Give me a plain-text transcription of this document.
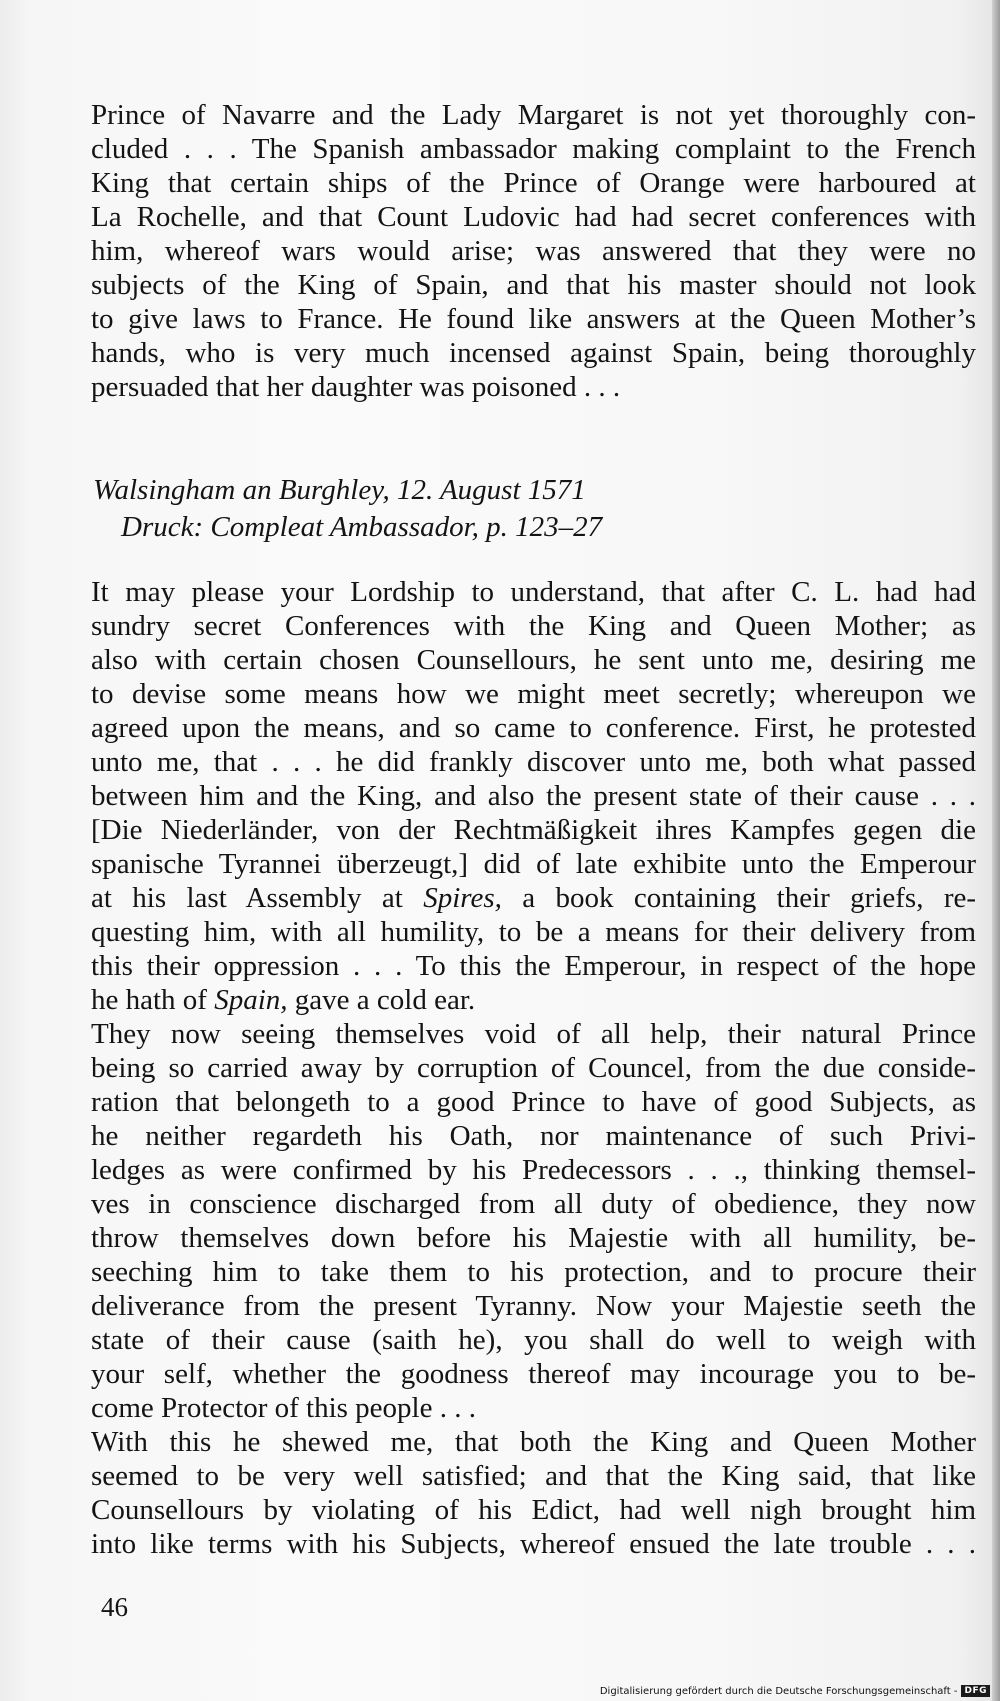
Prince of Navarre and the Lady Margaret is not yet thoroughly con-
cluded . . . The Spanish ambassador making complaint to the French
King that certain ships of the Prince of Orange were harboured at
La Rochelle, and that Count Ludovic had had secret conferences with
him, whereof wars would arise; was answered that they were no
subjects of the King of Spain, and that his master should not look
to give laws to France. He found like answers at the Queen Mother’s
hands, who is very much incensed against Spain, being thoroughly
persuaded that her daughter was poisoned . . .
Walsingham an Burghley, 12. August 1571
Druck: Compleat Ambassador, p. 123–27
It may please your Lordship to understand, that after C. L. had had
sundry secret Conferences with the King and Queen Mother; as
also with certain chosen Counsellours, he sent unto me, desiring me
to devise some means how we might meet secretly; whereupon we
agreed upon the means, and so came to conference. First, he protested
unto me, that . . . he did frankly discover unto me, both what passed
between him and the King, and also the present state of their cause . . .
[Die Niederländer, von der Rechtmäßigkeit ihres Kampfes gegen die
spanische Tyrannei überzeugt,] did of late exhibite unto the Emperour
at his last Assembly at Spires, a book containing their griefs, re-
questing him, with all humility, to be a means for their delivery from
this their oppression . . . To this the Emperour, in respect of the hope
he hath of Spain, gave a cold ear.
They now seeing themselves void of all help, their natural Prince
being so carried away by corruption of Councel, from the due conside-
ration that belongeth to a good Prince to have of good Subjects, as
he neither regardeth his Oath, nor maintenance of such Privi-
ledges as were confirmed by his Predecessors . . ., thinking themsel-
ves in conscience discharged from all duty of obedience, they now
throw themselves down before his Majestie with all humility, be-
seeching him to take them to his protection, and to procure their
deliverance from the present Tyranny. Now your Majestie seeth the
state of their cause (saith he), you shall do well to weigh with
your self, whether the goodness thereof may incourage you to be-
come Protector of this people . . .
With this he shewed me, that both the King and Queen Mother
seemed to be very well satisfied; and that the King said, that like
Counsellours by violating of his Edict, had well nigh brought him
into like terms with his Subjects, whereof ensued the late trouble . . .
46
Digitalisierung gefördert durch die Deutsche Forschungsgemeinschaft - DFG
